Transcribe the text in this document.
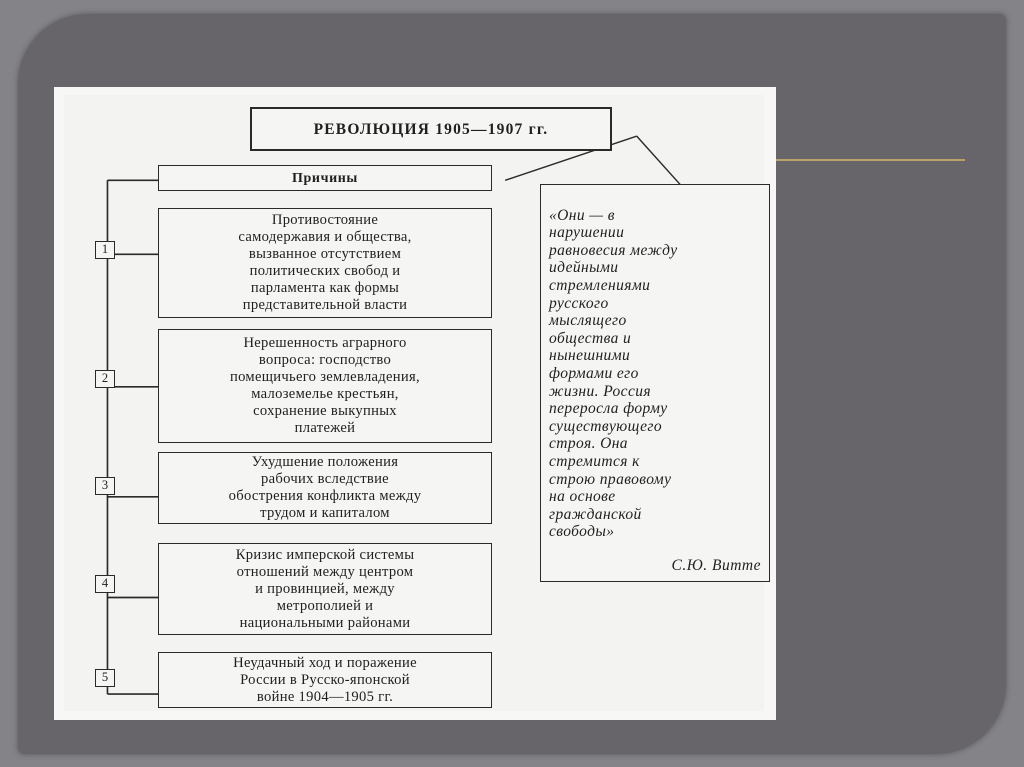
РЕВОЛЮЦИЯ 1905—1907 гг.
Причины
1
Противостояние
самодержавия и общества,
вызванное отсутствием
политических свобод и
парламента как формы
представительной власти
2
Нерешенность аграрного
вопроса: господство
помещичьего землевладения,
малоземелье крестьян,
сохранение выкупных
платежей
3
Ухудшение положения
рабочих вследствие
обострения конфликта между
трудом и капиталом
4
Кризис имперской системы
отношений между центром
и провинцией, между
метрополией и
национальными районами
5
Неудачный ход и поражение
России в Русско-японской
войне 1904—1905 гг.

«Они — в
нарушении
равновесия между
идейными
стремлениями
русского
мыслящего
общества и
нынешними
формами его
жизни. Россия
переросла форму
существующего
строя. Она
стремится к
строю правовому
на основе
гражданской
свободы»

С.Ю. Витте
